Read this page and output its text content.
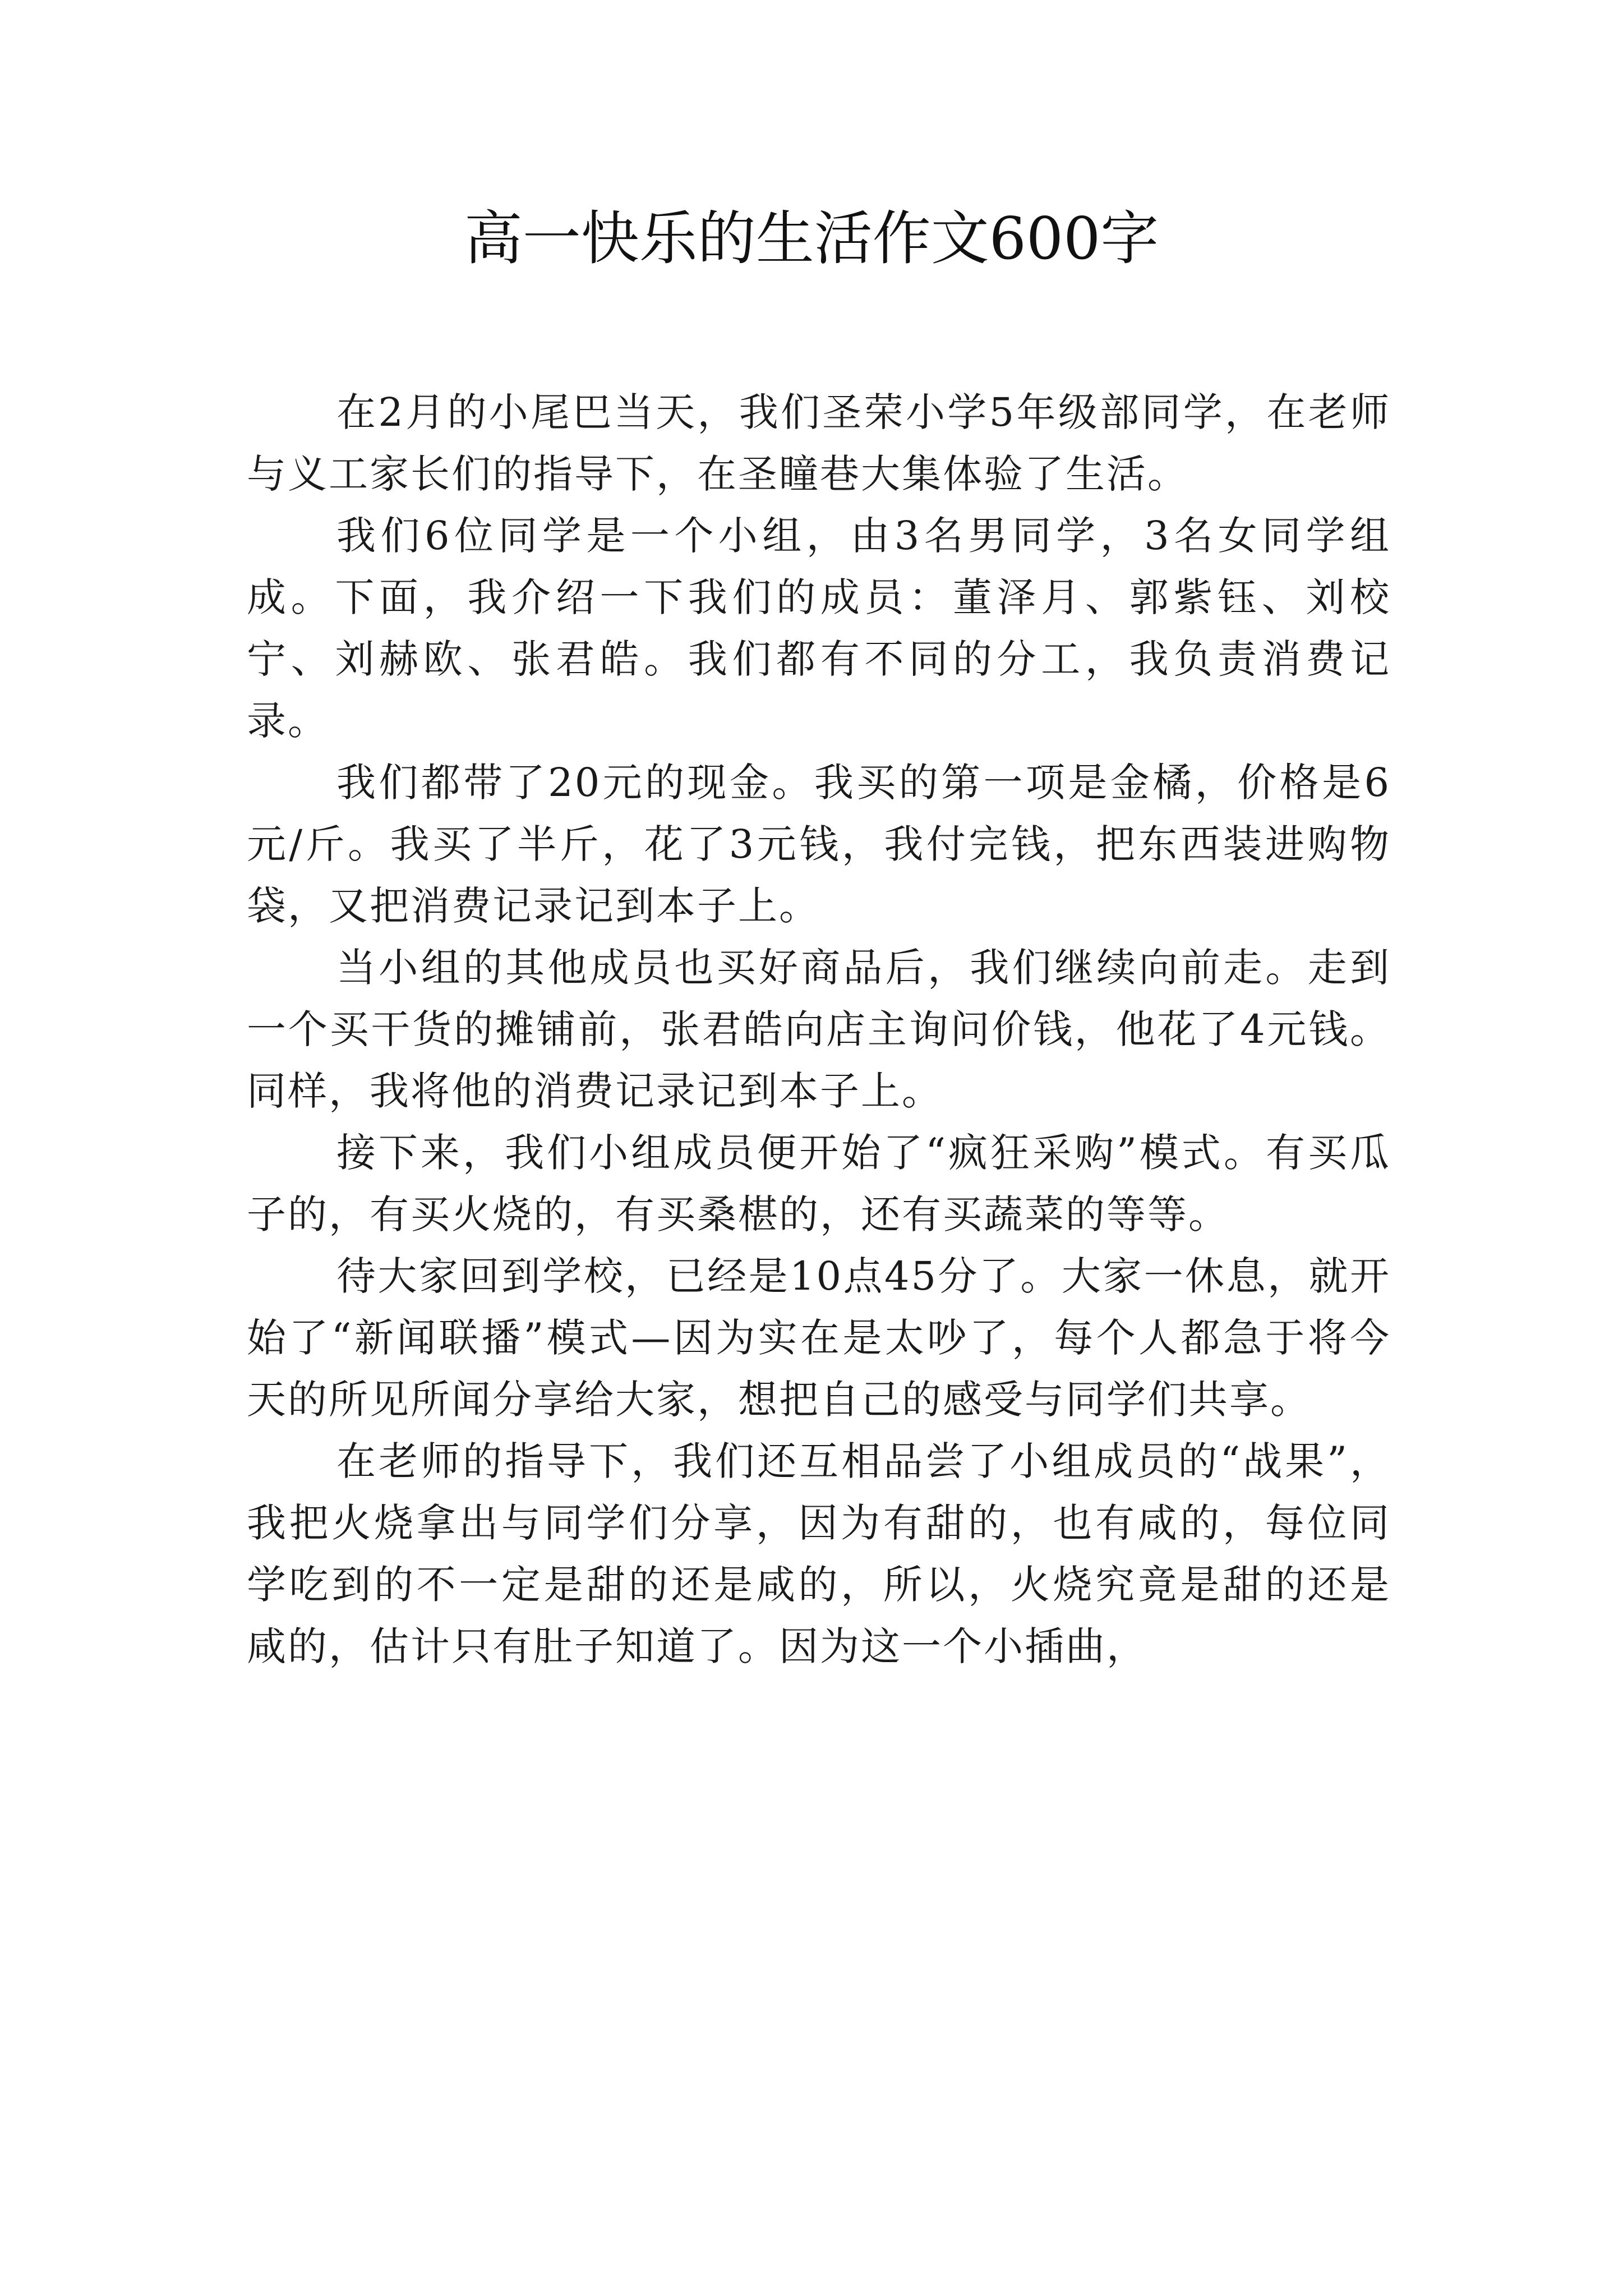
高一快乐的生活作文600字

在2月的小尾巴当天，我们圣荣小学5年级部同学，在老师与义工家长们的指导下，在圣瞳巷大集体验了生活。

我们6位同学是一个小组，由3名男同学，3名女同学组成。下面，我介绍一下我们的成员：董泽月、郭紫钰、刘校宁、刘赫欧、张君皓。我们都有不同的分工，我负责消费记录。

我们都带了20元的现金。我买的第一项是金橘，价格是6元/斤。我买了半斤，花了3元钱，我付完钱，把东西装进购物袋，又把消费记录记到本子上。

当小组的其他成员也买好商品后，我们继续向前走。走到一个买干货的摊铺前，张君皓向店主询问价钱，他花了4元钱。同样，我将他的消费记录记到本子上。

接下来，我们小组成员便开始了“疯狂采购”模式。有买瓜子的，有买火烧的，有买桑椹的，还有买蔬菜的等等。

待大家回到学校，已经是10点45分了。大家一休息，就开始了“新闻联播”模式—因为实在是太吵了，每个人都急于将今天的所见所闻分享给大家，想把自己的感受与同学们共享。

在老师的指导下，我们还互相品尝了小组成员的“战果”，我把火烧拿出与同学们分享，因为有甜的，也有咸的，每位同学吃到的不一定是甜的还是咸的，所以，火烧究竟是甜的还是咸的，估计只有肚子知道了。因为这一个小插曲，
